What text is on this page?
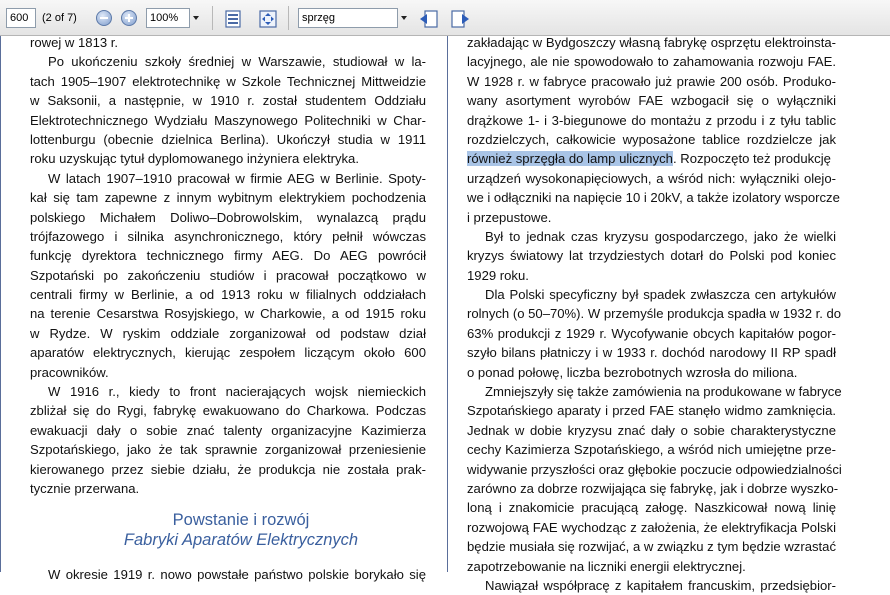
600	(2 of 7)	100%	sprzęg
rowej w 1813 r.
Po ukończeniu szkoły średniej w Warszawie, studiował w la-
tach 1905–1907 elektrotechnikę w Szkole Technicznej Mittweidzie
w Saksonii, a następnie, w 1910 r. został studentem Oddziału
Elektrotechnicznego Wydziału Maszynowego Politechniki w Char-
lottenburgu (obecnie dzielnica Berlina). Ukończył studia w 1911
roku uzyskując tytuł dyplomowanego inżyniera elektryka.
W latach 1907–1910 pracował w firmie AEG w Berlinie. Spoty-
kał się tam zapewne z innym wybitnym elektrykiem pochodzenia
polskiego Michałem Doliwo–Dobrowolskim, wynalazcą prądu
trójfazowego i silnika asynchronicznego, który pełnił wówczas
funkcję dyrektora technicznego firmy AEG. Do AEG powrócił
Szpotański po zakończeniu studiów i pracował początkowo w
centrali firmy w Berlinie, a od 1913 roku w filialnych oddziałach
na terenie Cesarstwa Rosyjskiego, w Charkowie, a od 1915 roku
w Rydze. W ryskim oddziale zorganizował od podstaw dział
aparatów elektrycznych, kierując zespołem liczącym około 600
pracowników.
W 1916 r., kiedy to front nacierających wojsk niemieckich
zbliżał się do Rygi, fabrykę ewakuowano do Charkowa. Podczas
ewakuacji dały o sobie znać talenty organizacyjne Kazimierza
Szpotańskiego, jako że tak sprawnie zorganizował przeniesienie
kierowanego przez siebie działu, że produkcja nie została prak-
tycznie przerwana.
Powstanie i rozwój
Fabryki Aparatów Elektrycznych
W okresie 1919 r. nowo powstałe państwo polskie borykało się
zakładając w Bydgoszczy własną fabrykę osprzętu elektroinsta-
lacyjnego, ale nie spowodowało to zahamowania rozwoju FAE.
W 1928 r. w fabryce pracowało już prawie 200 osób. Produko-
wany asortyment wyrobów FAE wzbogacił się o wyłączniki
drążkowe 1- i 3-biegunowe do montażu z przodu i z tyłu tablic
rozdzielczych, całkowicie wyposażone tablice rozdzielcze jak
również sprzęgła do lamp ulicznych. Rozpoczęto też produkcję
urządzeń wysokonapięciowych, a wśród nich: wyłączniki olejo-
we i odłączniki na napięcie 10 i 20kV, a także izolatory wsporcze
i przepustowe.
Był to jednak czas kryzysu gospodarczego, jako że wielki
kryzys światowy lat trzydziestych dotarł do Polski pod koniec
1929 roku.
Dla Polski specyficzny był spadek zwłaszcza cen artykułów
rolnych (o 50–70%). W przemyśle produkcja spadła w 1932 r. do
63% produkcji z 1929 r. Wycofywanie obcych kapitałów pogor-
szyło bilans płatniczy i w 1933 r. dochód narodowy II RP spadł
o ponad połowę, liczba bezrobotnych wzrosła do miliona.
Zmniejszyły się także zamówienia na produkowane w fabryce
Szpotańskiego aparaty i przed FAE stanęło widmo zamknięcia.
Jednak w dobie kryzysu znać dały o sobie charakterystyczne
cechy Kazimierza Szpotańskiego, a wśród nich umiejętne prze-
widywanie przyszłości oraz głębokie poczucie odpowiedzialności
zarówno za dobrze rozwijająca się fabrykę, jak i dobrze wyszko-
loną i znakomicie pracującą załogę. Naszkicował nową linię
rozwojową FAE wychodząc z założenia, że elektryfikacja Polski
będzie musiała się rozwijać, a w związku z tym będzie wzrastać
zapotrzebowanie na liczniki energii elektrycznej.
Nawiązał współpracę z kapitałem francuskim, przedsiębior-
